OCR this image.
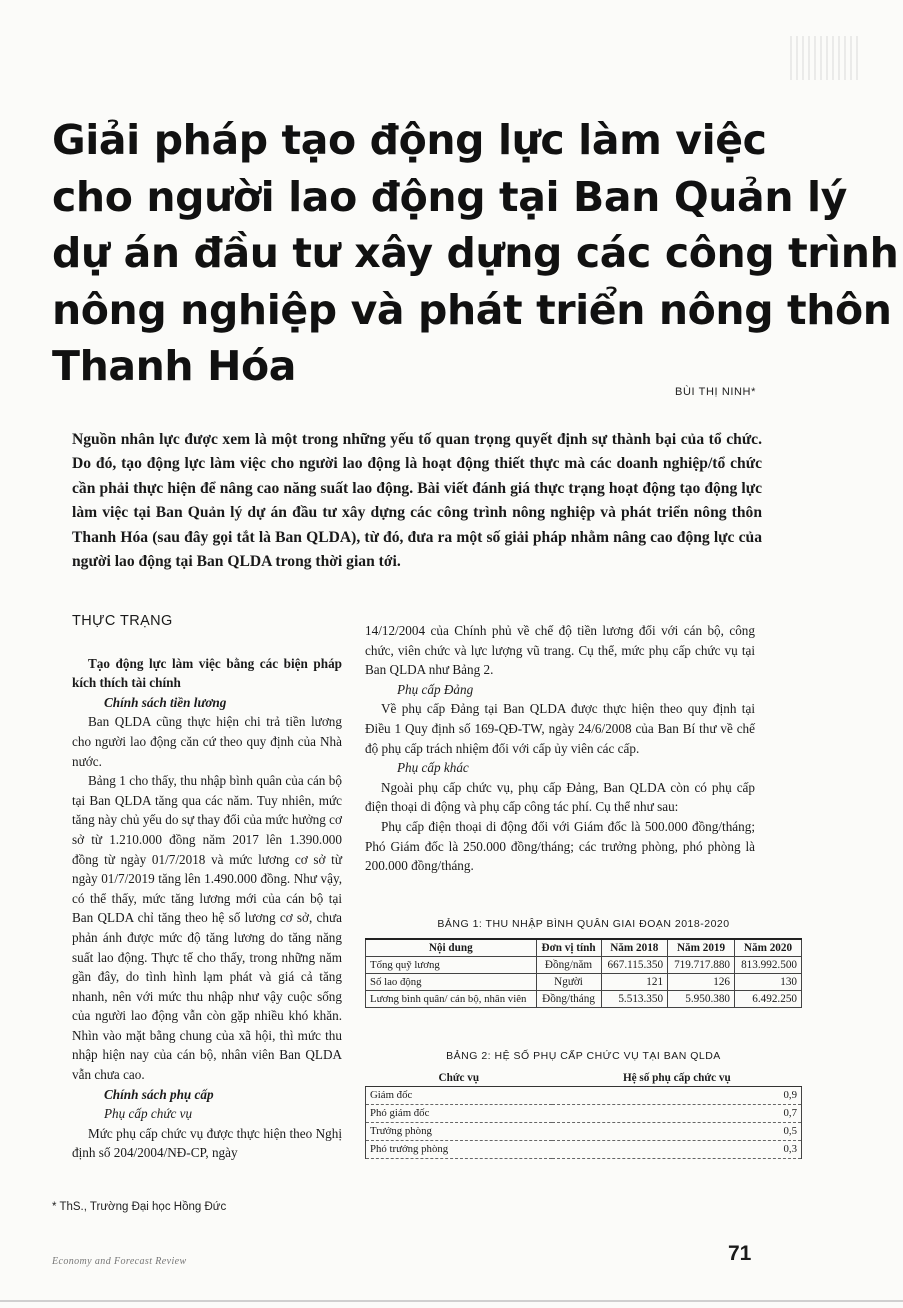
Giải pháp tạo động lực làm việc
cho người lao động tại Ban Quản lý
dự án đầu tư xây dựng các công trình
nông nghiệp và phát triển nông thôn
Thanh Hóa
BÙI THỊ NINH*
Nguồn nhân lực được xem là một trong những yếu tố quan trọng quyết định sự thành bại của tổ chức. Do đó, tạo động lực làm việc cho người lao động là hoạt động thiết thực mà các doanh nghiệp/tổ chức cần phải thực hiện để nâng cao năng suất lao động. Bài viết đánh giá thực trạng hoạt động tạo động lực làm việc tại Ban Quản lý dự án đầu tư xây dựng các công trình nông nghiệp và phát triển nông thôn Thanh Hóa (sau đây gọi tắt là Ban QLDA), từ đó, đưa ra một số giải pháp nhằm nâng cao động lực của người lao động tại Ban QLDA trong thời gian tới.
THỰC TRẠNG

Tạo động lực làm việc bằng các biện pháp kích thích tài chính

Chính sách tiền lương

Ban QLDA cũng thực hiện chi trả tiền lương cho người lao động căn cứ theo quy định của Nhà nước.

Bảng 1 cho thấy, thu nhập bình quân của cán bộ tại Ban QLDA tăng qua các năm. Tuy nhiên, mức tăng này chủ yếu do sự thay đổi của mức hưởng cơ sở từ 1.210.000 đồng năm 2017 lên 1.390.000 đồng từ ngày 01/7/2018 và mức lương cơ sở từ ngày 01/7/2019 tăng lên 1.490.000 đồng. Như vậy, có thể thấy, mức tăng lương mới của cán bộ tại Ban QLDA chỉ tăng theo hệ số lương cơ sở, chưa phản ánh được mức độ tăng lương do tăng năng suất lao động. Thực tế cho thấy, trong những năm gần đây, do tình hình lạm phát và giá cả tăng nhanh, nên với mức thu nhập như vậy cuộc sống của người lao động vẫn còn gặp nhiều khó khăn. Nhìn vào mặt bằng chung của xã hội, thì mức thu nhập hiện nay của cán bộ, nhân viên Ban QLDA vẫn chưa cao.

Chính sách phụ cấp

Phụ cấp chức vụ

Mức phụ cấp chức vụ được thực hiện theo Nghị định số 204/2004/NĐ-CP, ngày

14/12/2004 của Chính phủ về chế độ tiền lương đối với cán bộ, công chức, viên chức và lực lượng vũ trang. Cụ thể, mức phụ cấp chức vụ tại Ban QLDA như Bảng 2.

Phụ cấp Đảng

Về phụ cấp Đảng tại Ban QLDA được thực hiện theo quy định tại Điều 1 Quy định số 169-QĐ-TW, ngày 24/6/2008 của Ban Bí thư về chế độ phụ cấp trách nhiệm đối với cấp ủy viên các cấp.

Phụ cấp khác

Ngoài phụ cấp chức vụ, phụ cấp Đảng, Ban QLDA còn có phụ cấp điện thoại di động và phụ cấp công tác phí. Cụ thể như sau:

Phụ cấp điện thoại di động đối với Giám đốc là 500.000 đồng/tháng; Phó Giám đốc là 250.000 đồng/tháng; các trưởng phòng, phó phòng là 200.000 đồng/tháng.

BẢNG 1: THU NHẬP BÌNH QUÂN GIAI ĐOẠN 2018-2020

Nội dung	Đơn vị tính	Năm 2018	Năm 2019	Năm 2020
Tổng quỹ lương	Đồng/năm	667.115.350	719.717.880	813.992.500
Số lao động	Người	121	126	130
Lương bình quân/ cán bộ, nhân viên	Đồng/tháng	5.513.350	5.950.380	6.492.250

BẢNG 2: HỆ SỐ PHỤ CẤP CHỨC VỤ TẠI BAN QLDA

Chức vụ	Hệ số phụ cấp chức vụ
Giám đốc	0,9
Phó giám đốc	0,7
Trưởng phòng	0,5
Phó trưởng phòng	0,3
* ThS., Trường Đại học Hồng Đức
Economy and Forecast Review	71
